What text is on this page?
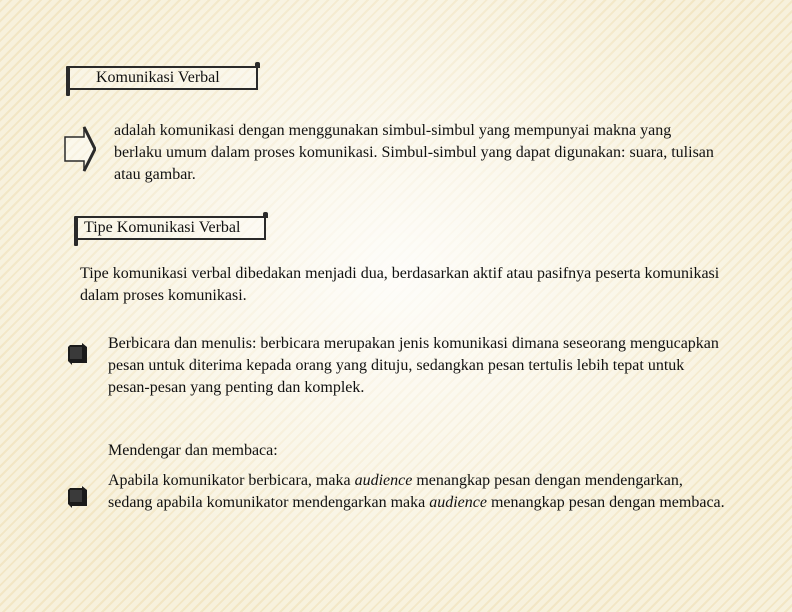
Komunikasi Verbal

adalah komunikasi dengan menggunakan simbul-simbul yang mempunyai makna yang berlaku umum dalam proses komunikasi. Simbul-simbul yang dapat digunakan: suara, tulisan atau gambar.

Tipe Komunikasi Verbal

Tipe komunikasi verbal dibedakan menjadi dua, berdasarkan aktif atau pasifnya peserta komunikasi dalam proses komunikasi.

Berbicara dan menulis: berbicara merupakan jenis komunikasi dimana seseorang mengucapkan pesan untuk diterima kepada orang yang dituju, sedangkan pesan tertulis lebih tepat untuk pesan-pesan yang penting dan komplek.

Mendengar dan membaca:

Apabila komunikator berbicara, maka audience menangkap pesan dengan mendengarkan, sedang apabila komunikator mendengarkan maka audience menangkap pesan dengan membaca.
